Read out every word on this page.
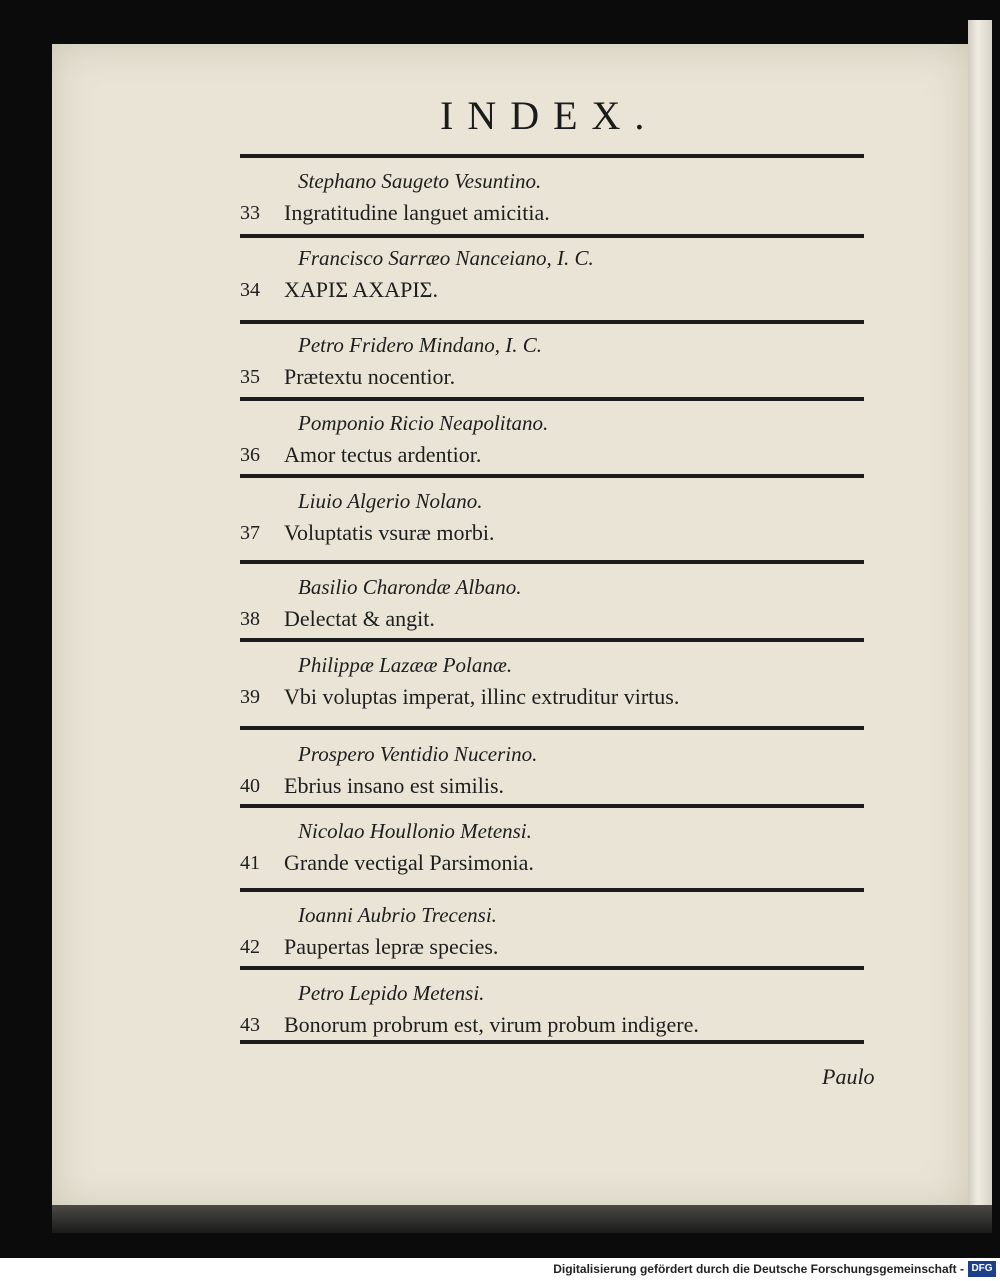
INDEX.
Stephano Saugeto Vesuntino.
33 Ingratitudine languet amicitia.
Francisco Sarræo Nanceiano, I. C.
34 ΧΑΡΙΣ ΑΧΑΡΙΣ.
Petro Fridero Mindano, I. C.
35 Prætextu nocentior.
Pomponio Ricio Neapolitano.
36 Amor tectus ardentior.
Liuio Algerio Nolano.
37 Voluptatis vsuræ morbi.
Basilio Charondæ Albano.
38 Delectat & angit.
Philippæ Lazææ Polanæ.
39 Vbi voluptas imperat, illinc extruditur virtus.
Prospero Ventidio Nucerino.
40 Ebrius insano est similis.
Nicolao Houllonio Metensi.
41 Grande vectigal Parsimonia.
Ioanni Aubrio Trecensi.
42 Paupertas lepræ species.
Petro Lepido Metensi.
43 Bonorum probrum est, virum probum indigere.
Paulo
Digitalisierung gefördert durch die Deutsche Forschungsgemeinschaft - DFG
